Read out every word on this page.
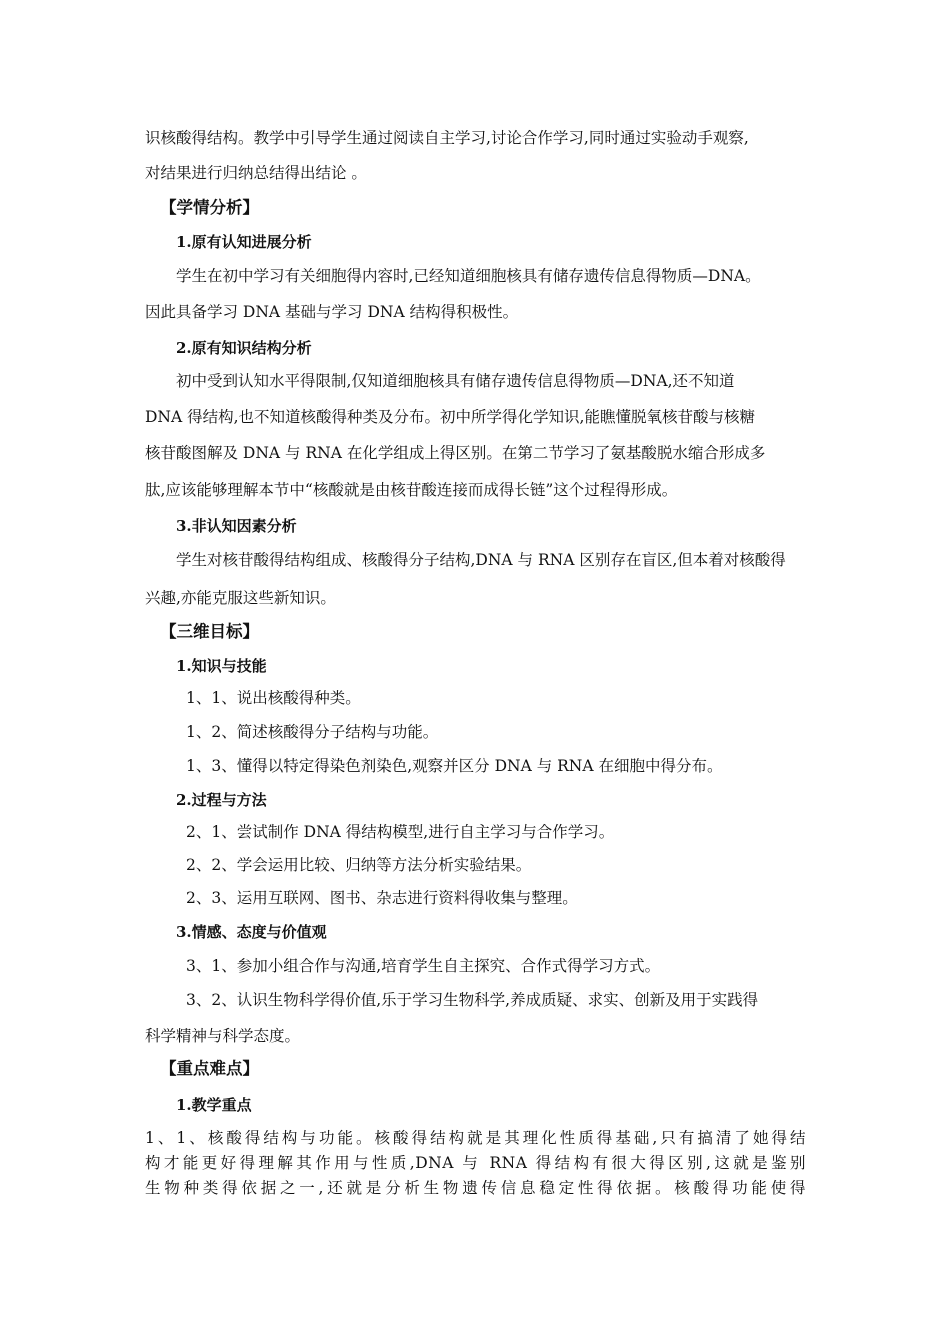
识核酸得结构。教学中引导学生通过阅读自主学习,讨论合作学习,同时通过实验动手观察,
对结果进行归纳总结得出结论 。
【学情分析】
1.原有认知进展分析
学生在初中学习有关细胞得内容时,已经知道细胞核具有储存遗传信息得物质—DNA。
因此具备学习 DNA 基础与学习 DNA 结构得积极性。
2.原有知识结构分析
初中受到认知水平得限制,仅知道细胞核具有储存遗传信息得物质—DNA,还不知道
DNA 得结构,也不知道核酸得种类及分布。初中所学得化学知识,能瞧懂脱氧核苷酸与核糖
核苷酸图解及 DNA 与 RNA 在化学组成上得区别。在第二节学习了氨基酸脱水缩合形成多
肽,应该能够理解本节中“核酸就是由核苷酸连接而成得长链”这个过程得形成。
3.非认知因素分析
学生对核苷酸得结构组成、核酸得分子结构,DNA 与 RNA 区别存在盲区,但本着对核酸得
兴趣,亦能克服这些新知识。
【三维目标】
1.知识与技能
1、1、说出核酸得种类。
1、2、简述核酸得分子结构与功能。
1、3、懂得以特定得染色剂染色,观察并区分 DNA 与 RNA 在细胞中得分布。
2.过程与方法
2、1、尝试制作 DNA 得结构模型,进行自主学习与合作学习。
2、2、学会运用比较、归纳等方法分析实验结果。
2、3、运用互联网、图书、杂志进行资料得收集与整理。
3.情感、态度与价值观
3、1、参加小组合作与沟通,培育学生自主探究、合作式得学习方式。
3、2、认识生物科学得价值,乐于学习生物科学,养成质疑、求实、创新及用于实践得
科学精神与科学态度。
【重点难点】
1.教学重点
1、1、核酸得结构与功能。核酸得结构就是其理化性质得基础,只有搞清了她得结
构才能更好得理解其作用与性质,DNA 与 RNA 得结构有很大得区别,这就是鉴别
生物种类得依据之一,还就是分析生物遗传信息稳定性得依据。核酸得功能使得
